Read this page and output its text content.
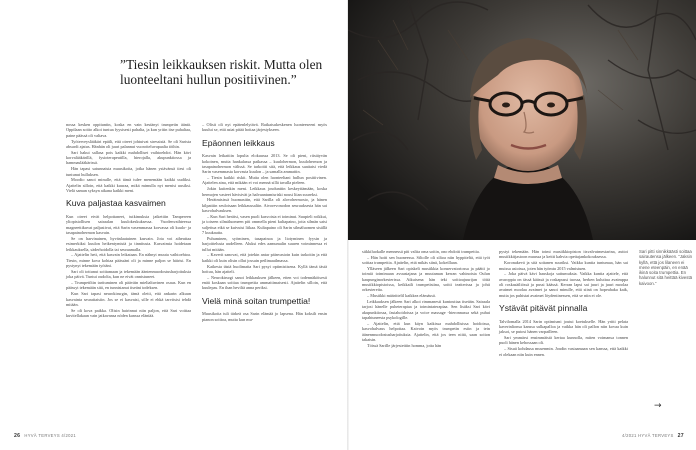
”Tiesin leikkauksen riskit. Mutta olen luonteeltani hullun positiivinen.”

nossa kesken oppituntin, koska en vain kestänyt trumpetin ääntä. Oppilaan soitto alkoi tuntua fyysisesti pahalta, ja kun yritin itse puhaltaa, paine päässä oli valtava.

Työterveyslääkäri epäili, että oireet johtuivat stressistä. Se oli Sarista absurdi ajatus. Hänhän oli juuri palannut vuorotteluvapaalta töihin.

Sari hakui sallasa pois kaikki mahdolliset vaihtoehdot. Hän kävi korvalääkärillä, fysioterapeutilla, hierojalla, akupunktiossa ja hammaslääkärissä.

Hän tapasi satunnaisia muusikoita, jotka hänen ystävänsä tiesi oli tuntunut hulluksen.

Moodio sanoi minulle, että tämä tulee menemään kaikki uudiksi. Ajattelin silloin, että kaikki kuuraa, mikä mimulla nyt menisi uusiksi. Vielä saman syksyn aikana kaikki meni.

Kuva paljastaa kasvaimen

Kun oireet eivät helpottaneet, tutkimuksia jatkettiin Tampereen yliopistollisen sairaalan kuulokeskuksessa. Vuodenvaihteessa magneettikuvat paljastivat, että Sarin vasemmassa korvassa oli kuulo- ja tasapainohermon kasvain.

Se on harvinainen, hyvänlaatuinen kasvain. Jota voi aiheuttaa esimerkiksi kuulon heikentymistä ja tinnitusta. Kasvaimia hoidetaan leikkauksella, säderhoidolla tai seuraamalla.

– Ajattelin heti, että kasvain leikataan. En nähnyt muuta vaihtoehtoa. Tiesin, minne kova kohtaa päässäni oli ja minne paljon se häirisi. En pystynyt tekemään työtäni.

Sari oli tottunut soittamaan ja tekemään ääntenmuodostusharjoituksia joka päivä. Tuntui oudolta, kun ne eivät onnistuneet.

– Trumpetiltin tarttuminen oli pääväin mielialtuvinen osaus. Kun en päässyt tekemään sitä, en tunnistanut itseäni todeksen.

Kun Sari tapasi neurokirurgin, tämä oletti, että ankarin alkuun kasvainta seurattaisiin. Jos se ei kasvaisi, sille ei ehkä tarvitsisi tehdä mitään.

Se oli kova paikka. Olisin hairinnut niin paljon, että Sari voittaa kuvitellakaan vain jatkavansa nöden kanssa eläntää.

– Olisit oli nyt epätenlelytävä. Ratkaisukeskenen luonteeseeni myös kuului se, että asiat pitää hoitaa järjestykseen.

Epäonnen leikkaus

Kasvain leikattiin lopulta elokuussa 2013. Se oli pieni, riistäyvän kokoinen, mutta hankalassa paikassa – kuulohermon, kuulohermon ja tasapainohermon välissä. Se tarkoitti sitä, että leikkaus saattaisi viedä Sarin vasemmasta korvasta kuulon – ja samalla ammattin.

– Tiesin kaikki riskit. Mutta olen luonteeltani hullun positiivinen. Ajattelen aina, että mikään ei voi mennä sillä tavalla pieleen.

Jokin kuitenkin meni. Leikkaus joudunttin keskeyttämään, koska hermojen vasteet hävisivät ja halvaantumisriski nousi liian suureksi.

Herätmisissä huomasttin, että Sarilla oli alovohermosto, ja hänen kilpattiin seuloisaan leikkaussaliin. Aivorevonodon seurauksesta hän sai kasvohalvauksen.

– Kun Sari herätsi, vasen puoli kasvoista ei toiminut. Suupieli roikkui, ja toiseen silmäluomeen piti ommella pieni kultapaino, jotta silmän saisi suljettua eikä se kuivuisi liikaa. Kultapaino oli Sarin silmäluomen sisällä 7 kuukautta.

Puhuminen, syöminen, tasapainoa ja liotyminen fyysin ja harjoittelusta uudelleen. Aluksi edes aamumalin suuren voiminnessa ei tullut mitään.

– Kaverit sanovat, että jotekin antar päinvastoin kuin tarkoitin ja että kaikki oli kuin olisin ollut jossain peilimaailmassa.

Kaikesta tästä huolimatta Sari pysyi optimistisena. Kyllä tämä tästä hoituu, hän ajatteli.

– Neurokirurgi sanoi leikkauksen jälkeen, etten voi todennäköisesti enää koskaan soittaa trumpettia ammattimaisesti. Ajattelin silloin, että kuulepas. En ihan heviltä anna periksi.

Vielä minä soitan trumpettia!

Muusikoita tuli tärkeä osa Sarin elämää jo lapsena. Hän koksilt ensin pianon soittoa, mutta kun mu-

26 HYVÄ TERVEYS 4/2021

siikkiluokalle mennessä piti valita oma soitin, ono ehdotti trumpettia.

– Hän hoiti sen huoneessa. Siltolle oli siltoa niin hyppiteltä, että työt soittaa trumpettia. Ajattelin, että mikäs siinä, kokeillaan.

Ylläseen jälkeen Sari opiskeli musiikkia konservatoriossa ja päätti jo toimiä toimimaan avuustajana ja muutaman kerran vahinoista Oulun kaupunginorkesterissa. Aikuisena hän teki soittoajuurijan töitä musiikkiopistoissa, keikkaili trumpetistina, soitti teatterissa ja johti orkestereita.

– Musiikki määrittelil kaikkea elämässä.

Leikkauksen jälkeen Sari alkoi rimmanesti kuntouttaa itseään. Sairaala tarjosi hänelle puheterapiaa ja toimintaterapiaa. Sen lisäksi Sari kävi akupunktiossa, fasiahoidoissa ja voice massage -hieronnassa sekä puhui tapahtuneesta psykologille.

– Ajattelin, että kun käyn kaikissa mahdollisissa hoidoissa, kasvohalvaus helpottaa. Kaivoin myös trumpetin esiin ja tein äänenmuodostusharjoituksia. Ajattelin, että jos teen niitä, saan soiton takaisin.

Töissä Sarille järjestettiin homma, jotta hän

pystyi tekemään. Hän toimi musiikkiopiston itsvalvutmestarina, auttoi musiikkitjastoon muussa ja keitti kahvia opettajankokouksessa.

Koronakevä ja sitä soitanen suuriksi. Vaikka kuntia tuntumaa, hän sai muissa asioissa, joten hän työmtu 2015 valmistuen.

– Joka päivä kävi hauskoja sattumuksia. Vaikka kuntia ajattele, että avaroppia on tässä käässä ja roskapussi tuossa, herken kuluttua avaimppa oli roskasäiliössä ja pussi käässä. Kerran lapsi sai juuri ja juuri moolaa avaimet moolaa avaimet ja sanoi minulle, että siinä on hopeahaka kaik, mutta jos puhistat avaimet löydentinessen, että se niin ei ole.

Ystävät pitävät pinnalla

Talvilomalla 2014 Sarin optimismi joutui koetukselle. Hän yritti pelata kaverinlionsa kanssa sulkapalloa ja vaikka hän oli pallon niin kovaa kuin jaksoi, se putosi hänen varpailleen.

Sari ymmärsi ensimmäistä kertaa kunnolla, miten voimansa tonnen puoli hänen kehossaan oli.

– Sisuä kohdassa musenmin. Joudin vastaamaan sen kanssa, että kaikki ei olekaan niin kuin ennen.

Sari pitti sinnikkäästi soittaa sairautensa jälkeen. ”Jaksin kyllä, että jos lilaneen ei mene eteenpäin, en enää ikinä soita trumpettia. En halunnut sitä heittää kivestä kaivoon.”
→
4/2021 HYVÄ TERVEYS 27
